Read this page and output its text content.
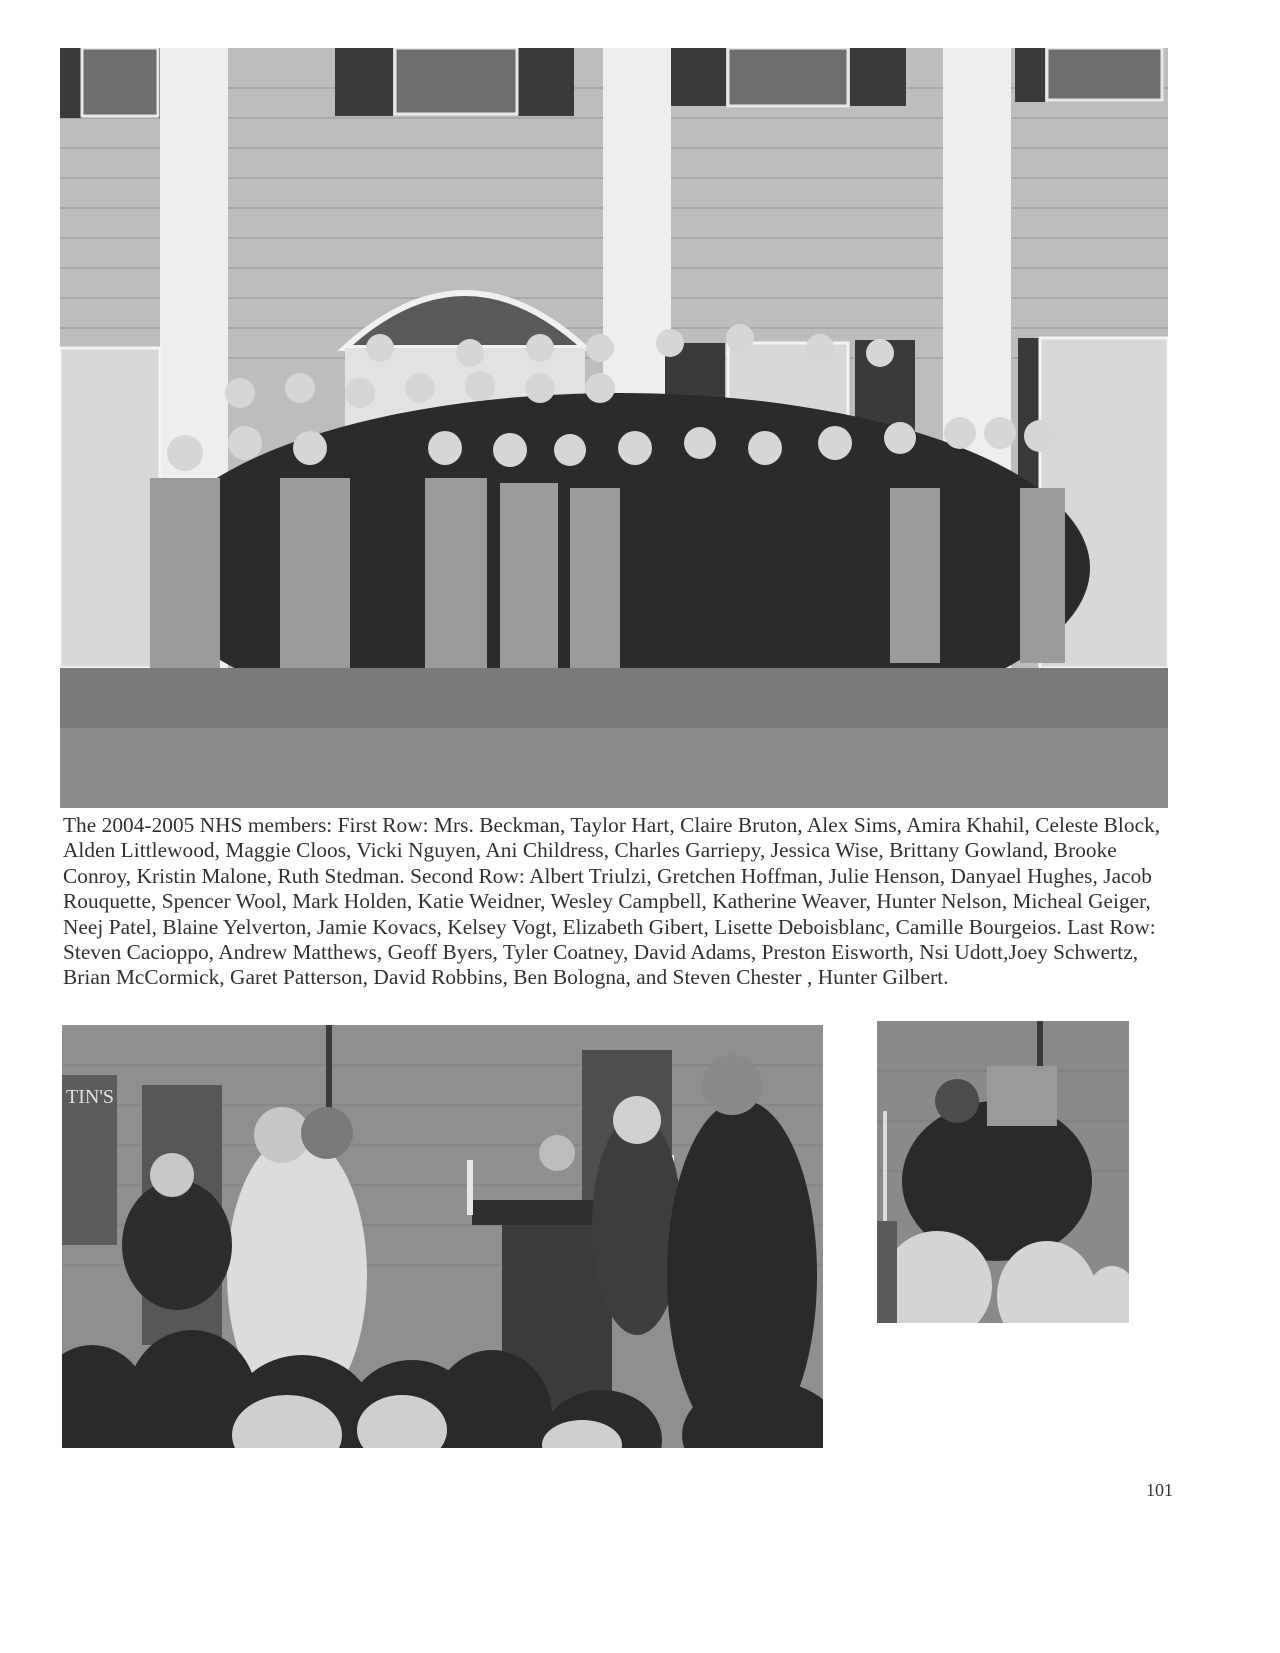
The 2004-2005 NHS members: First Row: Mrs. Beckman, Taylor Hart, Claire Bruton, Alex Sims, Amira Khahil, Celeste Block, Alden Littlewood, Maggie Cloos, Vicki Nguyen, Ani Childress, Charles Garriepy, Jessica Wise, Brittany Gowland, Brooke Conroy, Kristin Malone, Ruth Stedman. Second Row: Albert Triulzi, Gretchen Hoffman, Julie Henson, Danyael Hughes, Jacob Rouquette, Spencer Wool, Mark Holden, Katie Weidner, Wesley Campbell, Katherine Weaver, Hunter Nelson, Micheal Geiger, Neej Patel, Blaine Yelverton, Jamie Kovacs, Kelsey Vogt, Elizabeth Gibert, Lisette Deboisblanc, Camille Bourgeios. Last Row: Steven Cacioppo, Andrew Matthews, Geoff Byers, Tyler Coatney, David Adams, Preston Eisworth, Nsi Udott,Joey Schwertz, Brian McCormick, Garet Patterson, David Robbins, Ben Bologna, and Steven Chester , Hunter Gilbert.
TIN'S
101
